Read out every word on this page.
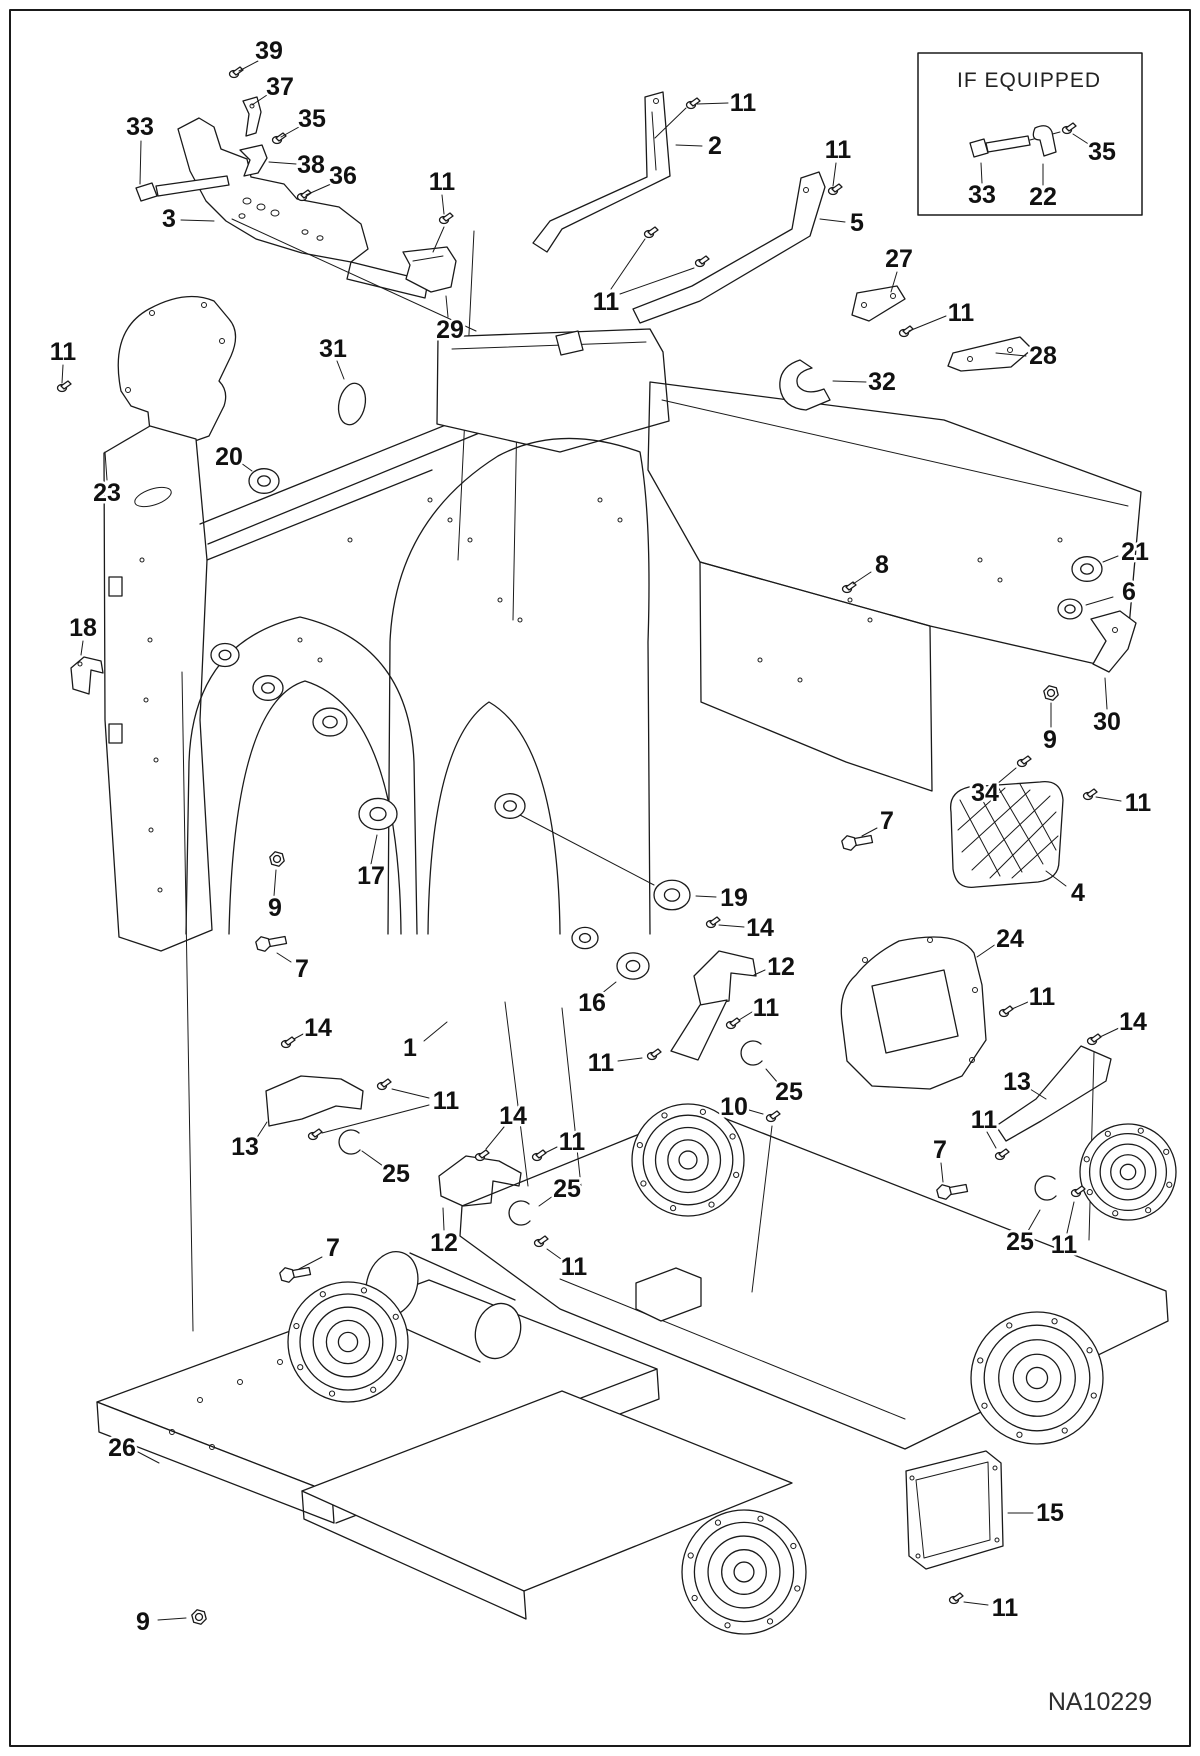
IF EQUIPPED
39
37
33	35
38 36
3
11
29
11
2	11
5
11
27
11
28
32
11
23
31
20
18
21
8
6
30
9
34	11
7
4
19
14
12
11
16
11
25
10
1
24
11
14
13
11
7
25 11
14
13
11
25
14
11
25
12
11
7
26
9
15
11
9
7
17
33 22
35
NA10229
